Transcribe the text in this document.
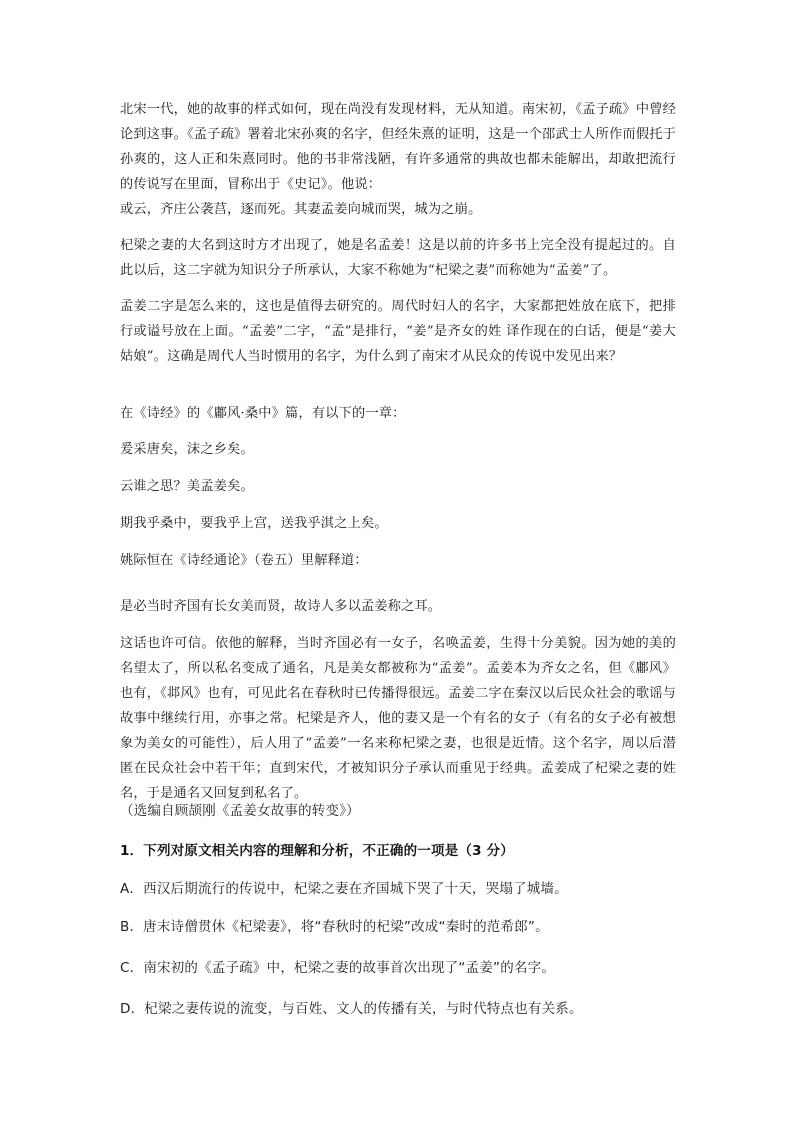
北宋一代，她的故事的样式如何，现在尚没有发现材料，无从知道。南宋初，《孟子疏》中曾经论到这事。《孟子疏》署着北宋孙爽的名字，但经朱熹的证明，这是一个邵武士人所作而假托于孙爽的，这人正和朱熹同时。他的书非常浅陋，有许多通常的典故也都未能解出，却敢把流行的传说写在里面，冒称出于《史记》。他说：

或云，齐庄公袭莒，逐而死。其妻孟姜向城而哭，城为之崩。

杞梁之妻的大名到这时方才出现了，她是名孟姜！这是以前的许多书上完全没有提起过的。自此以后，这二字就为知识分子所承认，大家不称她为“杞梁之妻”而称她为“孟姜”了。

孟姜二字是怎么来的，这也是值得去研究的。周代时妇人的名字，大家都把姓放在底下，把排行或谥号放在上面。“孟姜”二字，“孟”是排行，“姜”是齐女的姓 译作现在的白话，便是“姜大姑娘”。这确是周代人当时惯用的名字，为什么到了南宋才从民众的传说中发见出来？

在《诗经》的《鄘风·桑中》篇，有以下的一章：

爰采唐矣，沫之乡矣。

云谁之思？美孟姜矣。

期我乎桑中，要我乎上宫，送我乎淇之上矣。

姚际恒在《诗经通论》（卷五）里解释道：

是必当时齐国有长女美而贤，故诗人多以孟姜称之耳。

这话也许可信。依他的解释，当时齐国必有一女子，名唤孟姜，生得十分美貌。因为她的美的名望太了，所以私名变成了通名，凡是美女都被称为“孟姜”。孟姜本为齐女之名，但《鄘风》也有，《邶风》也有，可见此名在春秋时已传播得很远。孟姜二字在秦汉以后民众社会的歌谣与故事中继续行用，亦事之常。杞梁是齐人，他的妻又是一个有名的女子（有名的女子必有被想象为美女的可能性），后人用了“孟姜”一名来称杞梁之妻，也很是近情。这个名字，周以后潜匿在民众社会中若干年；直到宋代，才被知识分子承认而重见于经典。孟姜成了杞梁之妻的姓名，于是通名又回复到私名了。

（选编自顾颉刚《孟姜女故事的转变》）

1．下列对原文相关内容的理解和分析，不正确的一项是（3 分）

A．西汉后期流行的传说中，杞梁之妻在齐国城下哭了十天，哭塌了城墙。

B．唐末诗僧贯休《杞梁妻》，将“春秋时的杞梁”改成“秦时的范希郎”。

C．南宋初的《孟子疏》中，杞梁之妻的故事首次出现了“孟姜”的名字。

D．杞梁之妻传说的流变，与百姓、文人的传播有关，与时代特点也有关系。
